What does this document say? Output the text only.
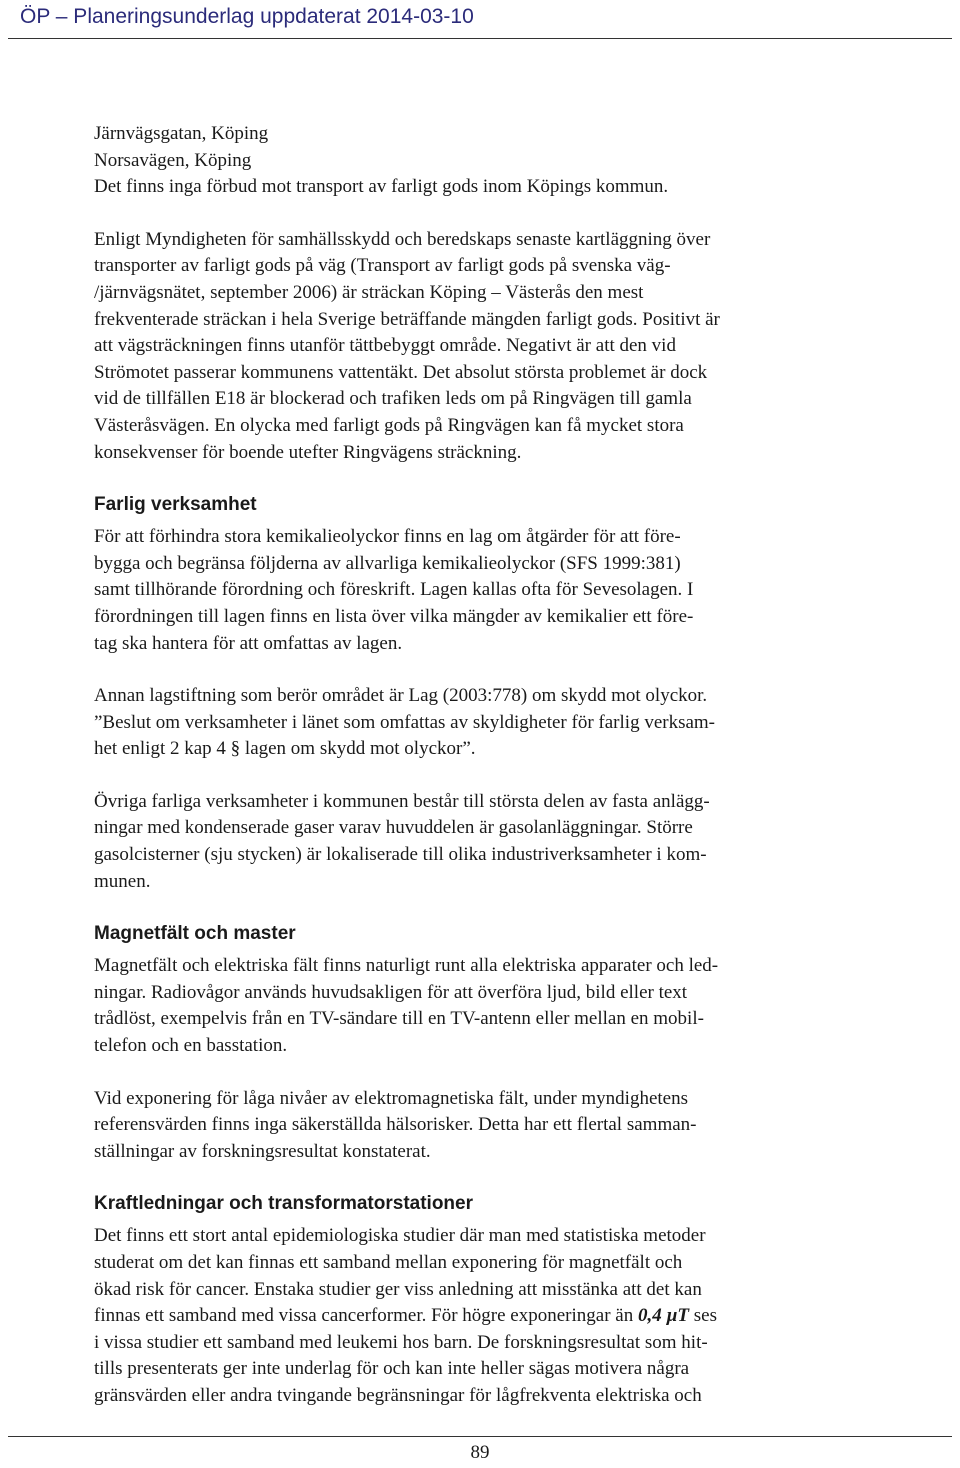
ÖP – Planeringsunderlag uppdaterat 2014-03-10
Järnvägsgatan, Köping
Norsavägen, Köping
Det finns inga förbud mot transport av farligt gods inom Köpings kommun.
Enligt Myndigheten för samhällsskydd och beredskaps senaste kartläggning över
transporter av farligt gods på väg (Transport av farligt gods på svenska väg-
/järnvägsnätet, september 2006) är sträckan Köping – Västerås den mest
frekventerade sträckan i hela Sverige beträffande mängden farligt gods. Positivt är
att vägsträckningen finns utanför tättbebyggt område. Negativt är att den vid
Strömotet passerar kommunens vattentäkt. Det absolut största problemet är dock
vid de tillfällen E18 är blockerad och trafiken leds om på Ringvägen till gamla
Västeråsvägen. En olycka med farligt gods på Ringvägen kan få mycket stora
konsekvenser för boende utefter Ringvägens sträckning.
Farlig verksamhet
För att förhindra stora kemikalieolyckor finns en lag om åtgärder för att före-
bygga och begränsa följderna av allvarliga kemikalieolyckor (SFS 1999:381)
samt tillhörande förordning och föreskrift. Lagen kallas ofta för Sevesolagen. I
förordningen till lagen finns en lista över vilka mängder av kemikalier ett före-
tag ska hantera för att omfattas av lagen.
Annan lagstiftning som berör området är Lag (2003:778) om skydd mot olyckor.
”Beslut om verksamheter i länet som omfattas av skyldigheter för farlig verksam-
het enligt 2 kap 4 § lagen om skydd mot olyckor”.
Övriga farliga verksamheter i kommunen består till största delen av fasta anlägg-
ningar med kondenserade gaser varav huvuddelen är gasolanläggningar. Större
gasolcisterner (sju stycken) är lokaliserade till olika industriverksamheter i kom-
munen.
Magnetfält och master
Magnetfält och elektriska fält finns naturligt runt alla elektriska apparater och led-
ningar. Radiovågor används huvudsakligen för att överföra ljud, bild eller text
trådlöst, exempelvis från en TV-sändare till en TV-antenn eller mellan en mobil-
telefon och en basstation.
Vid exponering för låga nivåer av elektromagnetiska fält, under myndighetens
referensvärden finns inga säkerställda hälsorisker. Detta har ett flertal samman-
ställningar av forskningsresultat konstaterat.
Kraftledningar och transformatorstationer
Det finns ett stort antal epidemiologiska studier där man med statistiska metoder
studerat om det kan finnas ett samband mellan exponering för magnetfält och
ökad risk för cancer. Enstaka studier ger viss anledning att misstänka att det kan
finnas ett samband med vissa cancerformer. För högre exponeringar än 0,4 µT ses
i vissa studier ett samband med leukemi hos barn. De forskningsresultat som hit-
tills presenterats ger inte underlag för och kan inte heller sägas motivera några
gränsvärden eller andra tvingande begränsningar för lågfrekventa elektriska och
89
